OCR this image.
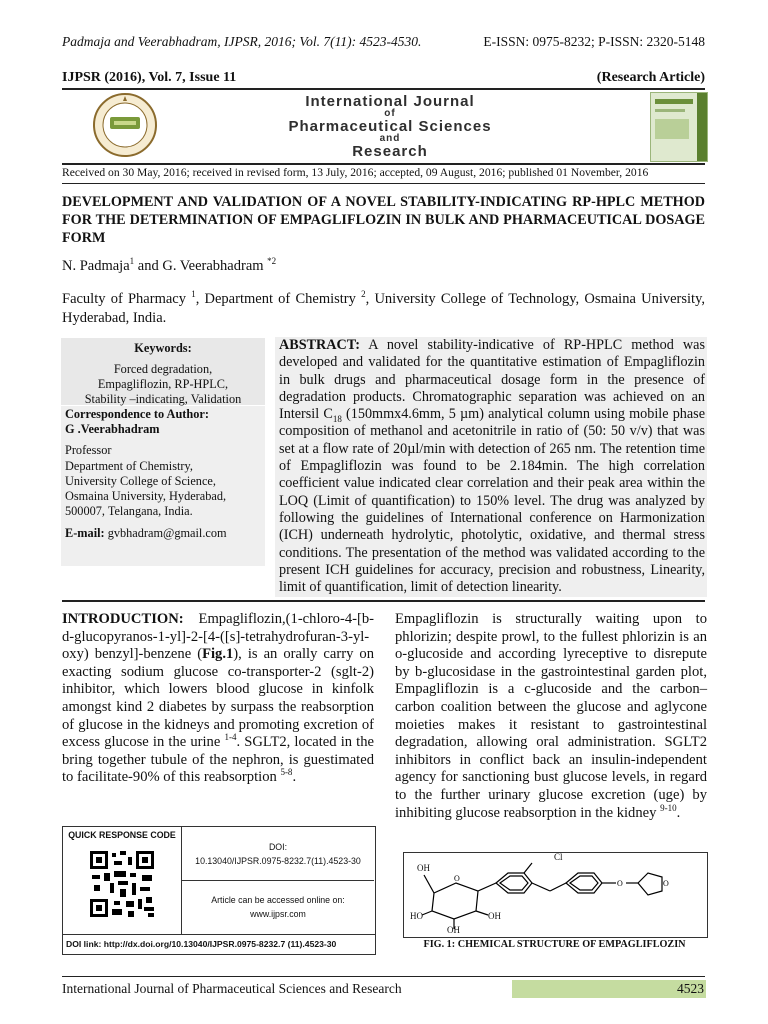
Padmaja and Veerabhadram, IJPSR, 2016; Vol. 7(11): 4523-4530.	E-ISSN: 0975-8232; P-ISSN: 2320-5148
IJPSR (2016), Vol. 7, Issue 11	(Research Article)
International Journal
of
Pharmaceutical Sciences
and
Research
Received on 30 May, 2016; received in revised form, 13 July, 2016; accepted, 09 August, 2016; published 01 November, 2016
DEVELOPMENT AND VALIDATION OF A NOVEL STABILITY-INDICATING RP-HPLC METHOD FOR THE DETERMINATION OF EMPAGLIFLOZIN IN BULK AND PHARMACEUTICAL DOSAGE FORM
N. Padmaja$^1$ and G. Veerabhadram $^{*2}$
Faculty of Pharmacy $^1$, Department of Chemistry $^2$, University College of Technology, Osmaina University, Hyderabad, India.
Keywords:
Forced degradation,
Empagliflozin, RP-HPLC,
Stability –indicating, Validation
Correspondence to Author:
G .Veerabhadram
Professor
Department of Chemistry,
University College of Science,
Osmaina University, Hyderabad,
500007, Telangana, India.
E-mail: gvbhadram@gmail.com
ABSTRACT: A novel stability-indicative of RP-HPLC method was developed and validated for the quantitative estimation of Empagliflozin in bulk drugs and pharmaceutical dosage form in the presence of degradation products. Chromatographic separation was achieved on an Intersil $C_{18}$ (150mmx4.6mm, 5 µm) analytical column using mobile phase composition of methanol and acetonitrile in ratio of (50: 50 v/v) that was set at a flow rate of 20µl/min with detection of 265 nm. The retention time of Empagliflozin was found to be 2.184min. The high correlation coefficient value indicated clear correlation and their peak area within the LOQ (Limit of quantification) to 150% level. The drug was analyzed by following the guidelines of International conference on Harmonization (ICH) underneath hydrolytic, photolytic, oxidative, and thermal stress conditions. The presentation of the method was validated according to the present ICH guidelines for accuracy, precision and robustness, Linearity, limit of quantification, limit of detection linearity.
INTRODUCTION: Empagliflozin,(1-chloro-4-[b-d-glucopyranos-1-yl]-2-[4-([s]-tetrahydrofuran-3-yl-oxy) benzyl]-benzene (Fig.1), is an orally carry on exacting sodium glucose co-transporter-2 (sglt-2) inhibitor, which lowers blood glucose in kinfolk amongst kind 2 diabetes by surpass the reabsorption of glucose in the kidneys and promoting excretion of excess glucose in the urine $^{1-4}$. SGLT2, located in the bring together tubule of the nephron, is guestimated to facilitate-90% of this reabsorption $^{5-8}$.
Empagliflozin is structurally waiting upon to phlorizin; despite prowl, to the fullest phlorizin is an o-glucoside and according lyreceptive to disrepute by b-glucosidase in the gastrointestinal garden plot, Empagliflozin is a c-glucoside and the carbon–carbon coalition between the glucose and aglycone moieties makes it resistant to gastrointestinal degradation, allowing oral administration. SGLT2 inhibitors in conflict back an insulin-independent agency for sanctioning bust glucose levels, in regard to the further urinary glucose excretion (uge) by inhibiting glucose reabsorption in the kidney $^{9-10}$.
QUICK RESPONSE CODE
DOI:
10.13040/IJPSR.0975-8232.7(11).4523-30
Article can be accessed online on:
www.ijpsr.com
DOI link: http://dx.doi.org/10.13040/IJPSR.0975-8232.7 (11).4523-30
O
O	O
Cl
OH
HO	OH
OH
FIG. 1: CHEMICAL STRUCTURE OF EMPAGLIFLOZIN
International Journal of Pharmaceutical Sciences and Research	4523
